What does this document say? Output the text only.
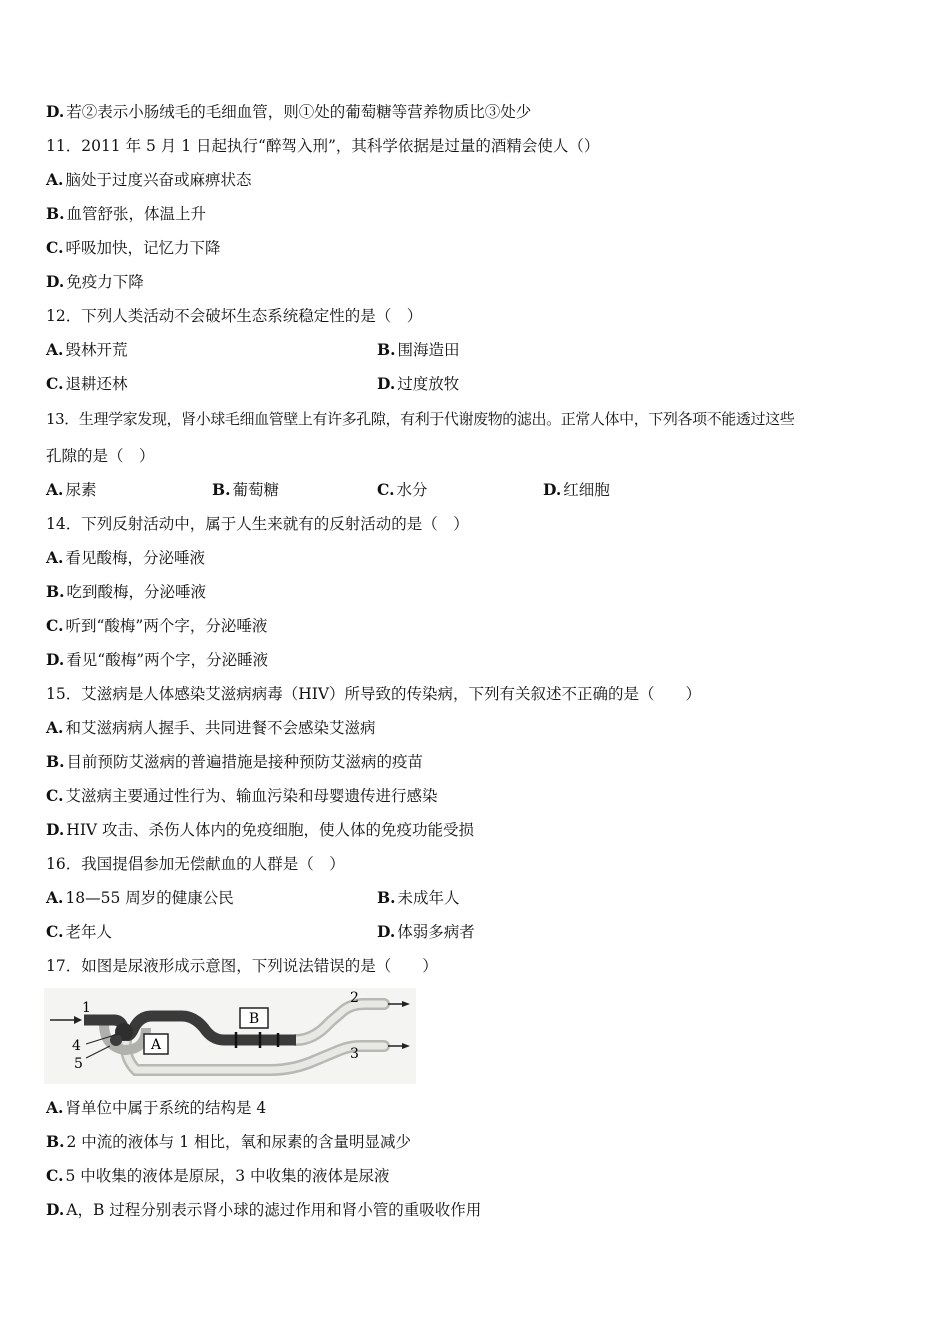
D. 若②表示小肠绒毛的毛细血管，则①处的葡萄糖等营养物质比③处少
11．2011 年 5 月 1 日起执行“醉驾入刑”，其科学依据是过量的酒精会使人（）
A. 脑处于过度兴奋或麻痹状态
B. 血管舒张，体温上升
C. 呼吸加快，记忆力下降
D. 免疫力下降
12．下列人类活动不会破坏生态系统稳定性的是（　）
A. 毁林开荒	B. 围海造田
C. 退耕还林	D. 过度放牧
13．生理学家发现，肾小球毛细血管壁上有许多孔隙，有利于代谢废物的滤出。正常人体中，下列各项不能透过这些
孔隙的是（　）
A. 尿素	B. 葡萄糖	C. 水分	D. 红细胞
14．下列反射活动中，属于人生来就有的反射活动的是（　）
A. 看见酸梅，分泌唾液
B. 吃到酸梅，分泌唾液
C. 听到“酸梅”两个字，分泌唾液
D. 看见“酸梅”两个字，分泌睡液
15．艾滋病是人体感染艾滋病病毒（HIV）所导致的传染病，下列有关叙述不正确的是（　　）
A. 和艾滋病病人握手、共同进餐不会感染艾滋病
B. 目前预防艾滋病的普遍措施是接种预防艾滋病的疫苗
C. 艾滋病主要通过性行为、输血污染和母婴遗传进行感染
D. HIV 攻击、杀伤人体内的免疫细胞，使人体的免疫功能受损
16．我国提倡参加无偿献血的人群是（　）
A. 18—55 周岁的健康公民	B. 未成年人
C. 老年人	D. 体弱多病者
17．如图是尿液形成示意图，下列说法错误的是（　　）
A
B
1
2
3
4
5
A. 肾单位中属于系统的结构是 4
B. 2 中流的液体与 1 相比，氧和尿素的含量明显减少
C. 5 中收集的液体是原尿，3 中收集的液体是尿液
D. A，B 过程分别表示肾小球的滤过作用和肾小管的重吸收作用
